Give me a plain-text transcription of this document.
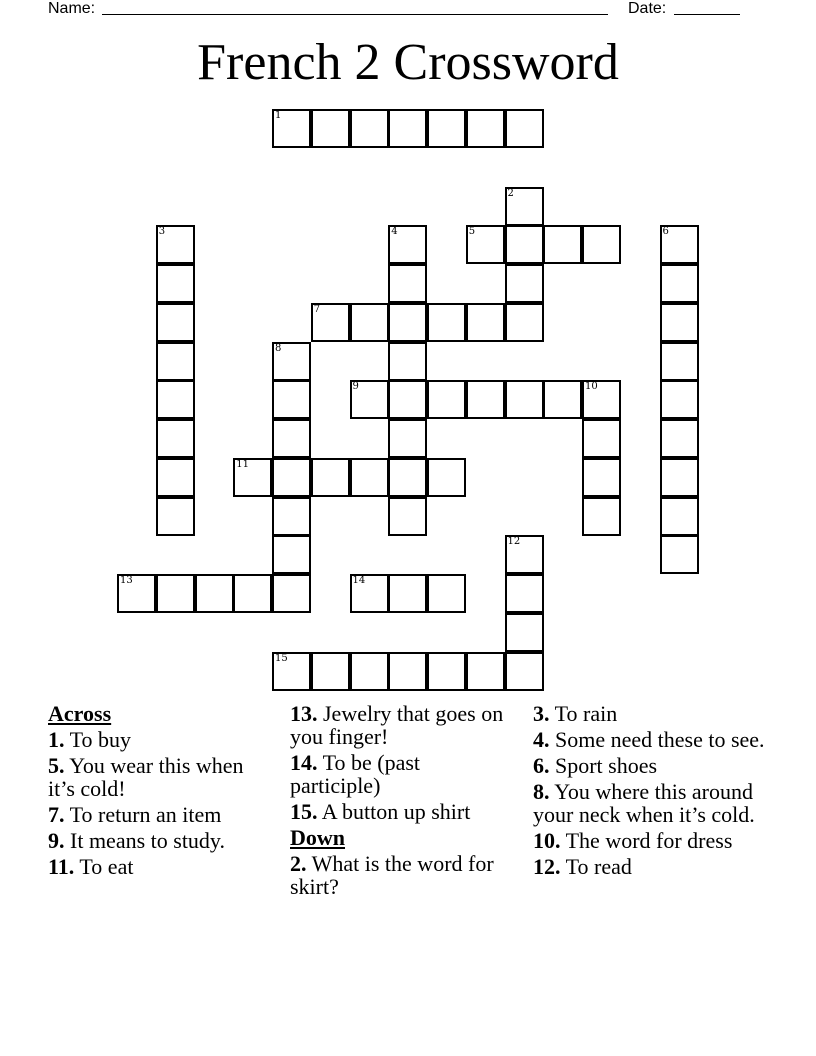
Name:	Date:
French 2 Crossword
1
2
3	4	5	6
7
8
9	10
11
12
13	14
15
Across
1. To buy
5. You wear this when it’s cold!
7. To return an item
9. It means to study.
11. To eat
13. Jewelry that goes on you finger!
14. To be (past participle)
15. A button up shirt
Down
2. What is the word for skirt?
3. To rain
4. Some need these to see.
6. Sport shoes
8. You where this around your neck when it’s cold.
10. The word for dress
12. To read
